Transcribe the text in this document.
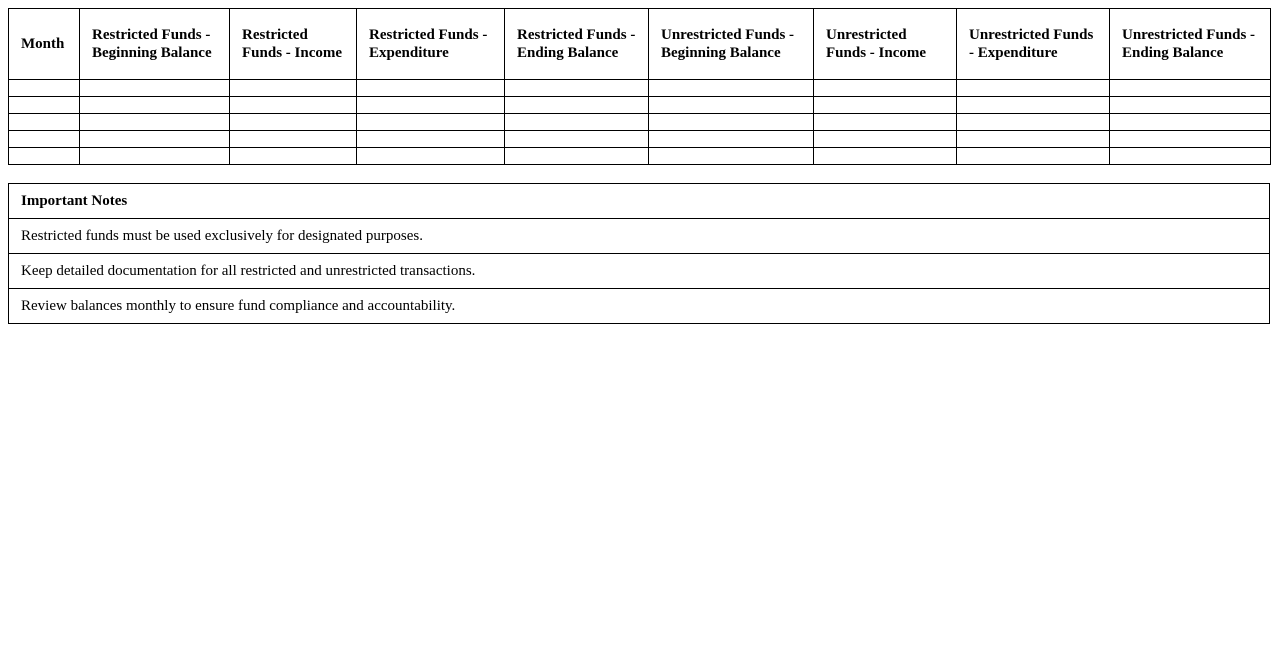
Month	Restricted Funds - Beginning Balance	Restricted Funds - Income	Restricted Funds - Expenditure	Restricted Funds - Ending Balance	Unrestricted Funds - Beginning Balance	Unrestricted Funds - Income	Unrestricted Funds - Expenditure	Unrestricted Funds - Ending Balance

Important Notes
Restricted funds must be used exclusively for designated purposes.
Keep detailed documentation for all restricted and unrestricted transactions.
Review balances monthly to ensure fund compliance and accountability.
